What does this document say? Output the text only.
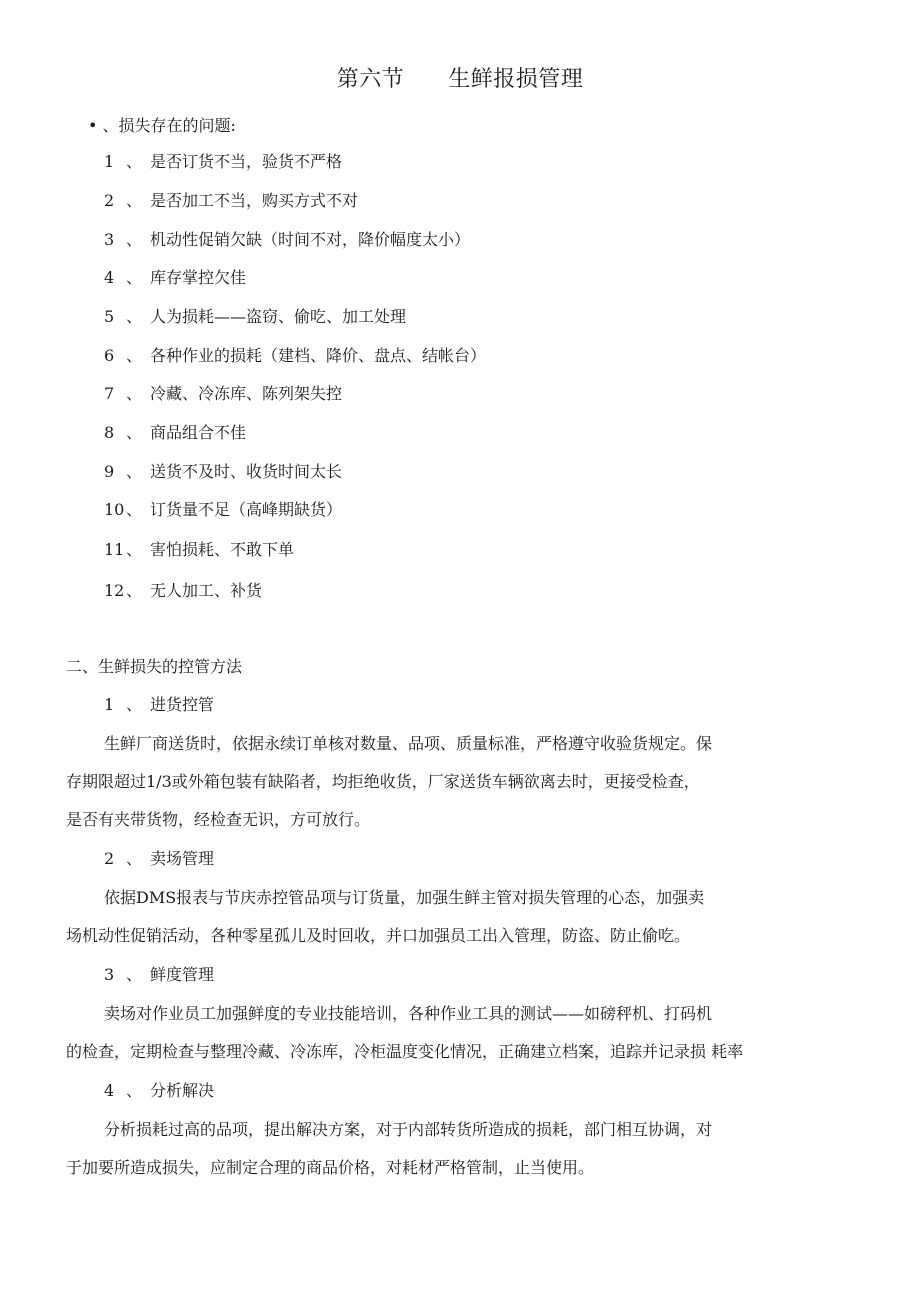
第六节 生鲜报损管理
• 、损失存在的问题:
1 、 是否订货不当，验货不严格
2 、 是否加工不当，购买方式不对
3 、 机动性促销欠缺（时间不对，降价幅度太小）
4 、 库存掌控欠佳
5 、 人为损耗——盗窃、偷吃、加工处理
6 、 各种作业的损耗（建档、降价、盘点、结帐台）
7 、 冷藏、冷冻库、陈列架失控
8 、 商品组合不佳
9 、 送货不及时、收货时间太长
10 、 订货量不足（高峰期缺货）
11 、 害怕损耗、不敢下单
12 、 无人加工、补货
二、生鲜损失的控管方法
1 、 进货控管
生鲜厂商送货时，依据永续订单核对数量、品项、质量标准，严格遵守收验货规定。保
存期限超过1/3或外箱包装有缺陷者，均拒绝收货，厂家送货车辆欲离去时，更接受检查，
是否有夹带货物，经检查无识，方可放行。
2 、 卖场管理
依据DMS报表与节庆赤控管品项与订货量，加强生鲜主管对损失管理的心态，加强卖
场机动性促销活动，各种零星孤儿及时回收，并口加强员工出入管理，防盗、防止偷吃。
3 、 鲜度管理
卖场对作业员工加强鲜度的专业技能培训，各种作业工具的测试——如磅秤机、打码机
的检查，定期检查与整理冷藏、冷冻库，冷柜温度变化情况，正确建立档案，追踪并记录损 耗率
4 、 分析解决
分析损耗过高的品项，提出解决方案，对于内部转货所造成的损耗，部门相互协调，对
于加要所造成损失，应制定合理的商品价格，对耗材严格管制，止当使用。
